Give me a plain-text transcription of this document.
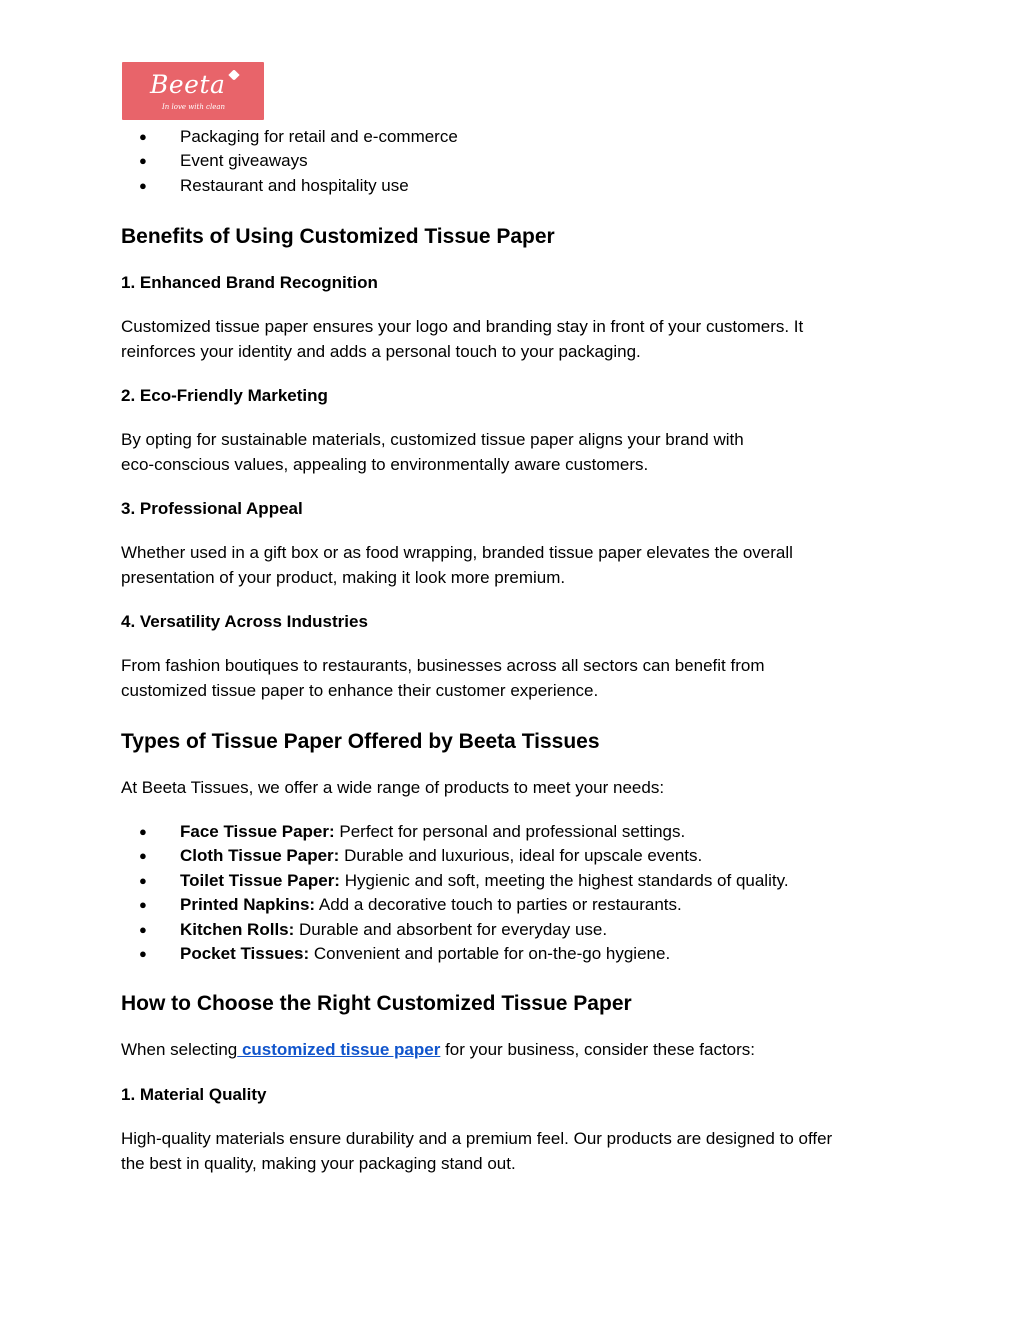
Beeta
In love with clean
● Packaging for retail and e-commerce
● Event giveaways
● Restaurant and hospitality use
Benefits of Using Customized Tissue Paper
1. Enhanced Brand Recognition
Customized tissue paper ensures your logo and branding stay in front of your customers. It
reinforces your identity and adds a personal touch to your packaging.
2. Eco-Friendly Marketing
By opting for sustainable materials, customized tissue paper aligns your brand with
eco-conscious values, appealing to environmentally aware customers.
3. Professional Appeal
Whether used in a gift box or as food wrapping, branded tissue paper elevates the overall
presentation of your product, making it look more premium.
4. Versatility Across Industries
From fashion boutiques to restaurants, businesses across all sectors can benefit from
customized tissue paper to enhance their customer experience.
Types of Tissue Paper Offered by Beeta Tissues
At Beeta Tissues, we offer a wide range of products to meet your needs:
● Face Tissue Paper: Perfect for personal and professional settings.
● Cloth Tissue Paper: Durable and luxurious, ideal for upscale events.
● Toilet Tissue Paper: Hygienic and soft, meeting the highest standards of quality.
● Printed Napkins: Add a decorative touch to parties or restaurants.
● Kitchen Rolls: Durable and absorbent for everyday use.
● Pocket Tissues: Convenient and portable for on-the-go hygiene.
How to Choose the Right Customized Tissue Paper
When selecting customized tissue paper for your business, consider these factors:
1. Material Quality
High-quality materials ensure durability and a premium feel. Our products are designed to offer
the best in quality, making your packaging stand out.
